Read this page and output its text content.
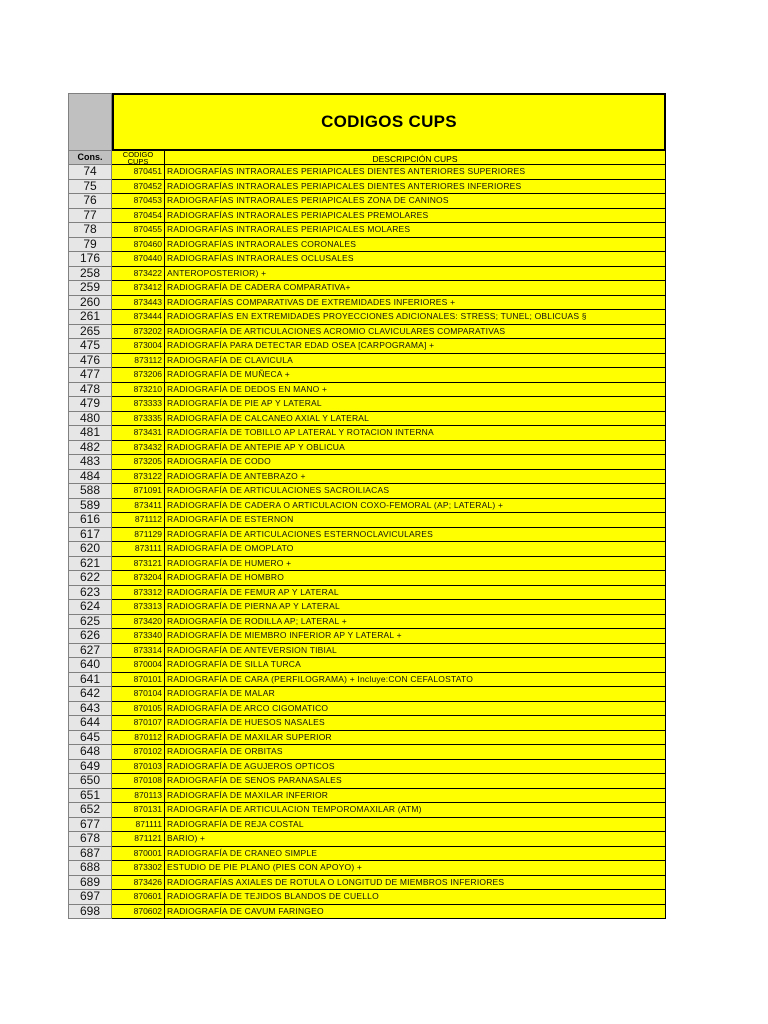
CODIGOS CUPS
Cons.	CODIGO CUPS	DESCRIPCIÓN CUPS
74	870451 RADIOGRAFÍAS INTRAORALES PERIAPICALES DIENTES ANTERIORES SUPERIORES
75	870452 RADIOGRAFÍAS INTRAORALES PERIAPICALES DIENTES ANTERIORES INFERIORES
76	870453 RADIOGRAFÍAS INTRAORALES PERIAPICALES ZONA DE CANINOS
77	870454 RADIOGRAFÍAS INTRAORALES PERIAPICALES PREMOLARES
78	870455 RADIOGRAFÍAS INTRAORALES PERIAPICALES MOLARES
79	870460 RADIOGRAFÍAS INTRAORALES CORONALES
176	870440 RADIOGRAFÍAS INTRAORALES OCLUSALES
258	873422 ANTEROPOSTERIOR) +
259	873412 RADIOGRAFÍA DE CADERA COMPARATIVA+
260	873443 RADIOGRAFÍAS COMPARATIVAS DE EXTREMIDADES INFERIORES +
261	873444 RADIOGRAFÍAS EN EXTREMIDADES PROYECCIONES ADICIONALES: STRESS; TUNEL; OBLICUAS §
265	873202 RADIOGRAFÍA DE ARTICULACIONES ACROMIO CLAVICULARES COMPARATIVAS
475	873004 RADIOGRAFÍA PARA DETECTAR EDAD OSEA [CARPOGRAMA] +
476	873112 RADIOGRAFÍA DE CLAVICULA
477	873206 RADIOGRAFÍA DE MUÑECA +
478	873210 RADIOGRAFÍA DE DEDOS EN MANO +
479	873333 RADIOGRAFÍA DE PIE AP Y LATERAL
480	873335 RADIOGRAFÍA DE CALCANEO AXIAL Y LATERAL
481	873431 RADIOGRAFÍA DE TOBILLO AP LATERAL Y ROTACION INTERNA
482	873432 RADIOGRAFÍA DE ANTEPIE AP Y OBLICUA
483	873205 RADIOGRAFÍA DE CODO
484	873122 RADIOGRAFÍA DE ANTEBRAZO +
588	871091 RADIOGRAFÍA DE ARTICULACIONES SACROILIACAS
589	873411 RADIOGRAFÍA DE CADERA O ARTICULACION COXO-FEMORAL (AP; LATERAL) +
616	871112 RADIOGRAFÍA DE ESTERNON
617	871129 RADIOGRAFÍA DE ARTICULACIONES ESTERNOCLAVICULARES
620	873111 RADIOGRAFÍA DE OMOPLATO
621	873121 RADIOGRAFÍA DE HUMERO +
622	873204 RADIOGRAFÍA DE HOMBRO
623	873312 RADIOGRAFÍA DE FEMUR AP Y LATERAL
624	873313 RADIOGRAFÍA DE PIERNA AP Y LATERAL
625	873420 RADIOGRAFÍA DE RODILLA AP; LATERAL +
626	873340 RADIOGRAFÍA DE MIEMBRO INFERIOR AP Y LATERAL +
627	873314 RADIOGRAFÍA DE ANTEVERSION TIBIAL
640	870004 RADIOGRAFÍA DE SILLA TURCA
641	870101 RADIOGRAFÍA DE CARA (PERFILOGRAMA) + Incluye:CON CEFALOSTATO
642	870104 RADIOGRAFÍA DE MALAR
643	870105 RADIOGRAFÍA DE ARCO CIGOMATICO
644	870107 RADIOGRAFÍA DE HUESOS NASALES
645	870112 RADIOGRAFÍA DE MAXILAR SUPERIOR
648	870102 RADIOGRAFÍA DE ORBITAS
649	870103 RADIOGRAFÍA DE AGUJEROS OPTICOS
650	870108 RADIOGRAFÍA DE SENOS PARANASALES
651	870113 RADIOGRAFÍA DE MAXILAR INFERIOR
652	870131 RADIOGRAFÍA DE ARTICULACION TEMPOROMAXILAR (ATM)
677	871111 RADIOGRAFÍA DE REJA COSTAL
678	871121 BARIO) +
687	870001 RADIOGRAFÍA DE CRANEO SIMPLE
688	873302 ESTUDIO DE PIE PLANO (PIES CON APOYO) +
689	873426 RADIOGRAFÍAS AXIALES DE ROTULA O LONGITUD DE MIEMBROS INFERIORES
697	870601 RADIOGRAFÍA DE TEJIDOS BLANDOS DE CUELLO
698	870602 RADIOGRAFÍA DE CAVUM FARINGEO
